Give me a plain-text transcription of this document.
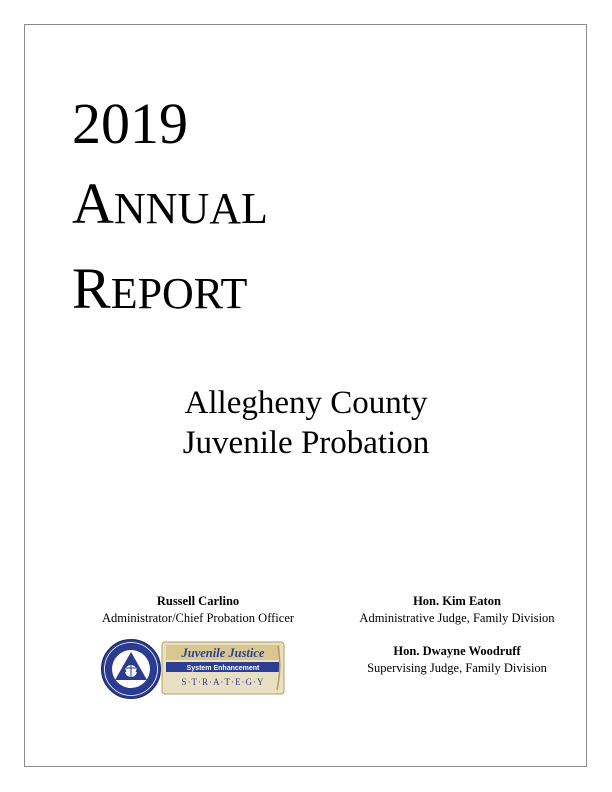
2019
ANNUAL
REPORT
Allegheny County
Juvenile Probation
Russell Carlino
Administrator/Chief Probation Officer
Hon. Kim Eaton
Administrative Judge, Family Division
Hon. Dwayne Woodruff
Supervising Judge, Family Division
Juvenile Justice
System Enhancement
S·T·R·A·T·E·G·Y
